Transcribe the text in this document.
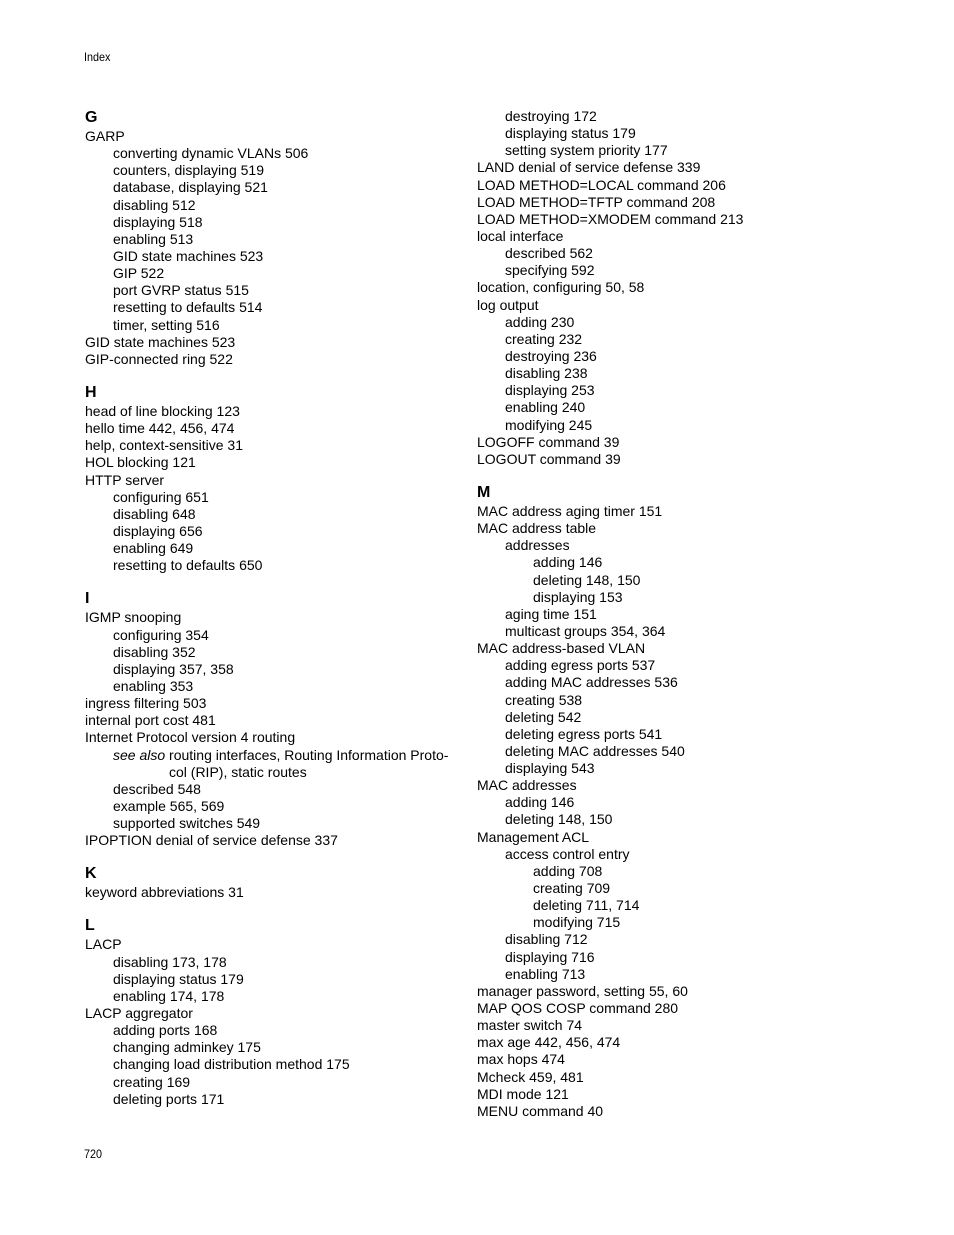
Index
G
GARP
converting dynamic VLANs 506
counters, displaying 519
database, displaying 521
disabling 512
displaying 518
enabling 513
GID state machines 523
GIP 522
port GVRP status 515
resetting to defaults 514
timer, setting 516
GID state machines 523
GIP-connected ring 522
H
head of line blocking 123
hello time 442, 456, 474
help, context-sensitive 31
HOL blocking 121
HTTP server
configuring 651
disabling 648
displaying 656
enabling 649
resetting to defaults 650
I
IGMP snooping
configuring 354
disabling 352
displaying 357, 358
enabling 353
ingress filtering 503
internal port cost 481
Internet Protocol version 4 routing
see also routing interfaces, Routing Information Proto-
col (RIP), static routes
described 548
example 565, 569
supported switches 549
IPOPTION denial of service defense 337
K
keyword abbreviations 31
L
LACP
disabling 173, 178
displaying status 179
enabling 174, 178
LACP aggregator
adding ports 168
changing adminkey 175
changing load distribution method 175
creating 169
deleting ports 171
destroying 172
displaying status 179
setting system priority 177
LAND denial of service defense 339
LOAD METHOD=LOCAL command 206
LOAD METHOD=TFTP command 208
LOAD METHOD=XMODEM command 213
local interface
described 562
specifying 592
location, configuring 50, 58
log output
adding 230
creating 232
destroying 236
disabling 238
displaying 253
enabling 240
modifying 245
LOGOFF command 39
LOGOUT command 39
M
MAC address aging timer 151
MAC address table
addresses
adding 146
deleting 148, 150
displaying 153
aging time 151
multicast groups 354, 364
MAC address-based VLAN
adding egress ports 537
adding MAC addresses 536
creating 538
deleting 542
deleting egress ports 541
deleting MAC addresses 540
displaying 543
MAC addresses
adding 146
deleting 148, 150
Management ACL
access control entry
adding 708
creating 709
deleting 711, 714
modifying 715
disabling 712
displaying 716
enabling 713
manager password, setting 55, 60
MAP QOS COSP command 280
master switch 74
max age 442, 456, 474
max hops 474
Mcheck 459, 481
MDI mode 121
MENU command 40
720
